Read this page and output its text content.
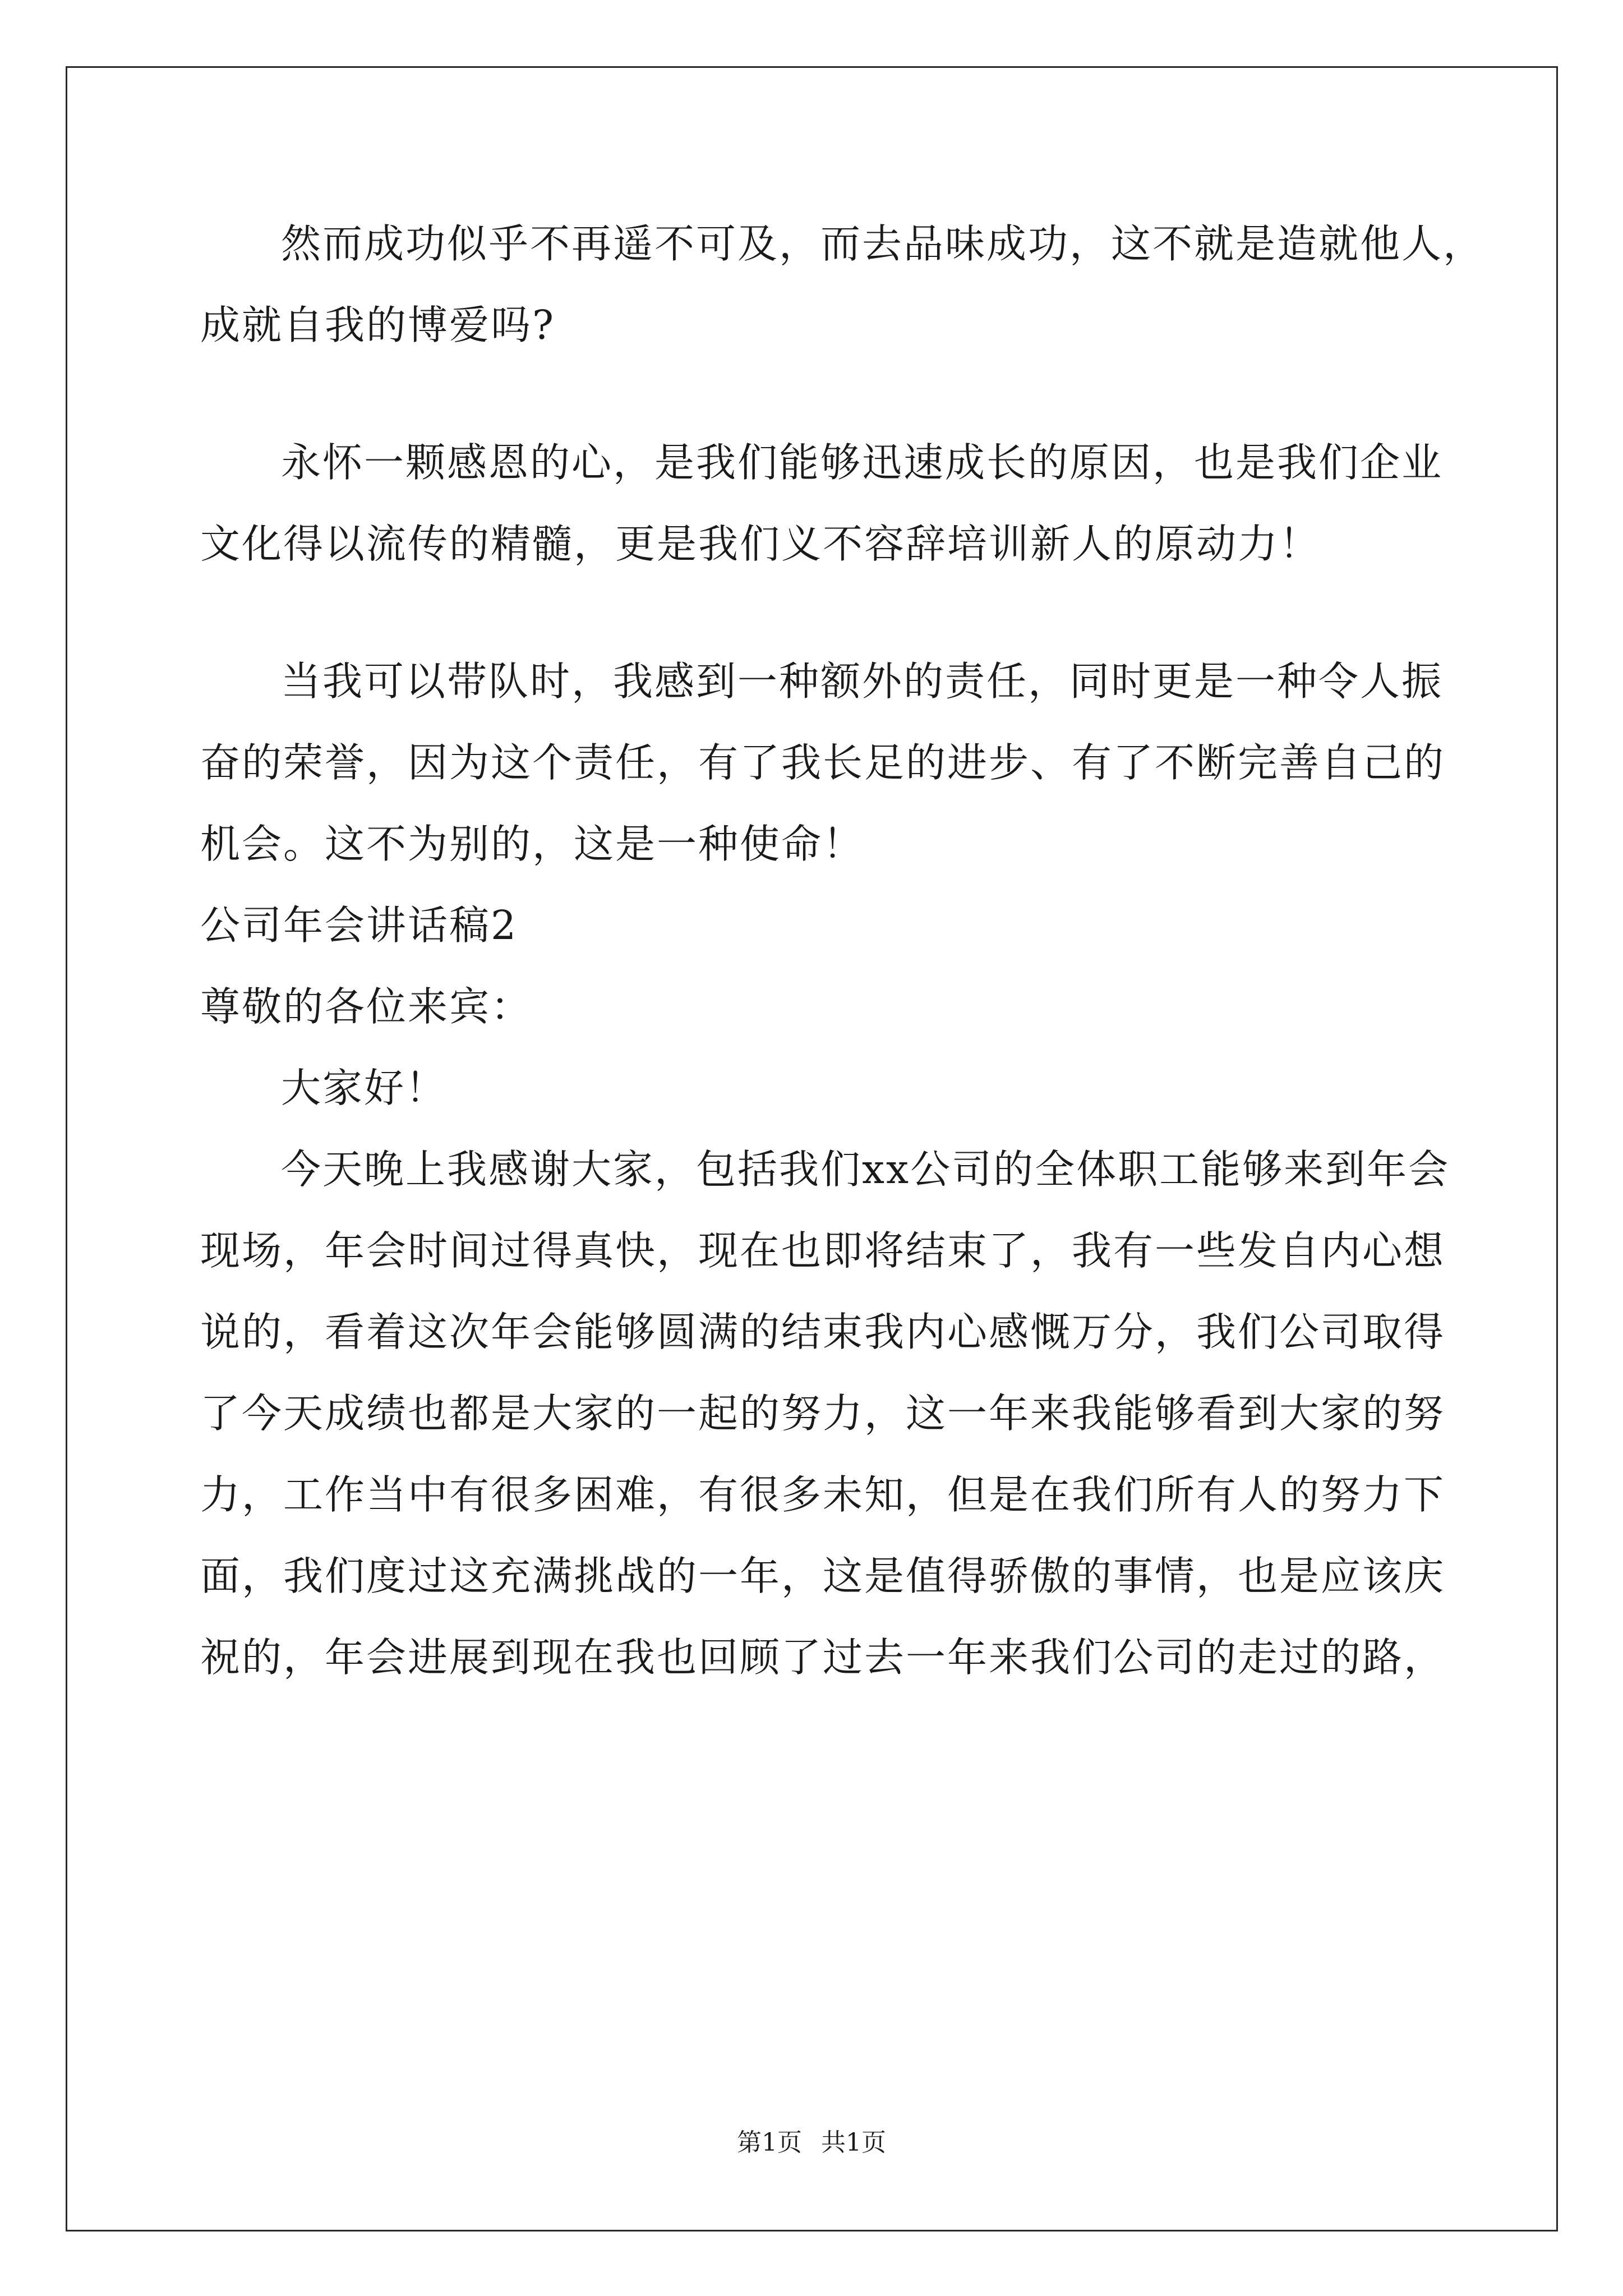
然而成功似乎不再遥不可及，而去品味成功，这不就是造就他人，
成就自我的博爱吗?
永怀一颗感恩的心，是我们能够迅速成长的原因，也是我们企业
文化得以流传的精髓，更是我们义不容辞培训新人的原动力！
当我可以带队时，我感到一种额外的责任，同时更是一种令人振
奋的荣誉，因为这个责任，有了我长足的进步、有了不断完善自己的
机会。这不为别的，这是一种使命！
公司年会讲话稿2
尊敬的各位来宾：
大家好！
今天晚上我感谢大家，包括我们xx公司的全体职工能够来到年会
现场，年会时间过得真快，现在也即将结束了，我有一些发自内心想
说的，看着这次年会能够圆满的结束我内心感慨万分，我们公司取得
了今天成绩也都是大家的一起的努力，这一年来我能够看到大家的努
力，工作当中有很多困难，有很多未知，但是在我们所有人的努力下
面，我们度过这充满挑战的一年，这是值得骄傲的事情，也是应该庆
祝的，年会进展到现在我也回顾了过去一年来我们公司的走过的路，
第1页 共1页
